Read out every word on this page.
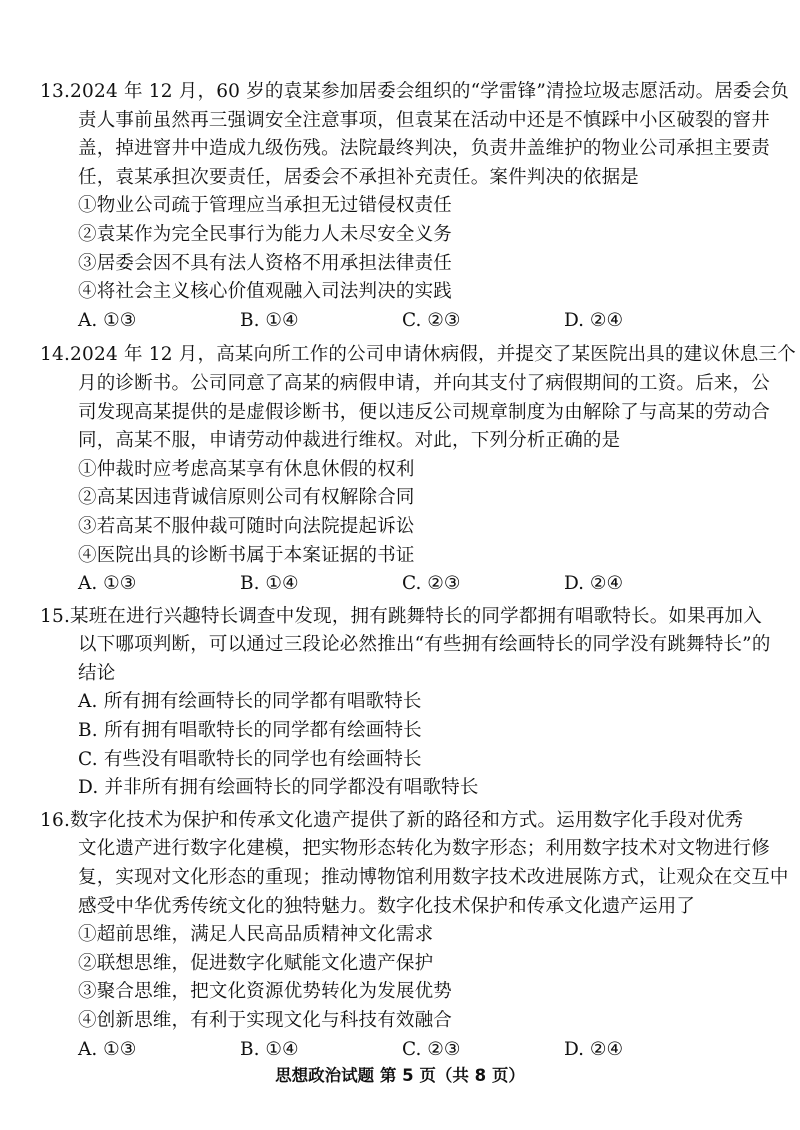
13.2024 年 12 月，60 岁的袁某参加居委会组织的“学雷锋”清捡垃圾志愿活动。居委会负
责人事前虽然再三强调安全注意事项，但袁某在活动中还是不慎踩中小区破裂的窨井
盖，掉进窨井中造成九级伤残。法院最终判决，负责井盖维护的物业公司承担主要责
任，袁某承担次要责任，居委会不承担补充责任。案件判决的依据是
①物业公司疏于管理应当承担无过错侵权责任
②袁某作为完全民事行为能力人未尽安全义务
③居委会因不具有法人资格不用承担法律责任
④将社会主义核心价值观融入司法判决的实践
A. ①③	B. ①④	C. ②③	D. ②④
14.2024 年 12 月，高某向所工作的公司申请休病假，并提交了某医院出具的建议休息三个
月的诊断书。公司同意了高某的病假申请，并向其支付了病假期间的工资。后来，公
司发现高某提供的是虚假诊断书，便以违反公司规章制度为由解除了与高某的劳动合
同，高某不服，申请劳动仲裁进行维权。对此，下列分析正确的是
①仲裁时应考虑高某享有休息休假的权利
②高某因违背诚信原则公司有权解除合同
③若高某不服仲裁可随时向法院提起诉讼
④医院出具的诊断书属于本案证据的书证
A. ①③	B. ①④	C. ②③	D. ②④
15.某班在进行兴趣特长调查中发现，拥有跳舞特长的同学都拥有唱歌特长。如果再加入
以下哪项判断，可以通过三段论必然推出“有些拥有绘画特长的同学没有跳舞特长”的
结论
A. 所有拥有绘画特长的同学都有唱歌特长
B. 所有拥有唱歌特长的同学都有绘画特长
C. 有些没有唱歌特长的同学也有绘画特长
D. 并非所有拥有绘画特长的同学都没有唱歌特长
16.数字化技术为保护和传承文化遗产提供了新的路径和方式。运用数字化手段对优秀
文化遗产进行数字化建模，把实物形态转化为数字形态；利用数字技术对文物进行修
复，实现对文化形态的重现；推动博物馆利用数字技术改进展陈方式，让观众在交互中
感受中华优秀传统文化的独特魅力。数字化技术保护和传承文化遗产运用了
①超前思维，满足人民高品质精神文化需求
②联想思维，促进数字化赋能文化遗产保护
③聚合思维，把文化资源优势转化为发展优势
④创新思维，有利于实现文化与科技有效融合
A. ①③	B. ①④	C. ②③	D. ②④
思想政治试题 第 5 页（共 8 页）
